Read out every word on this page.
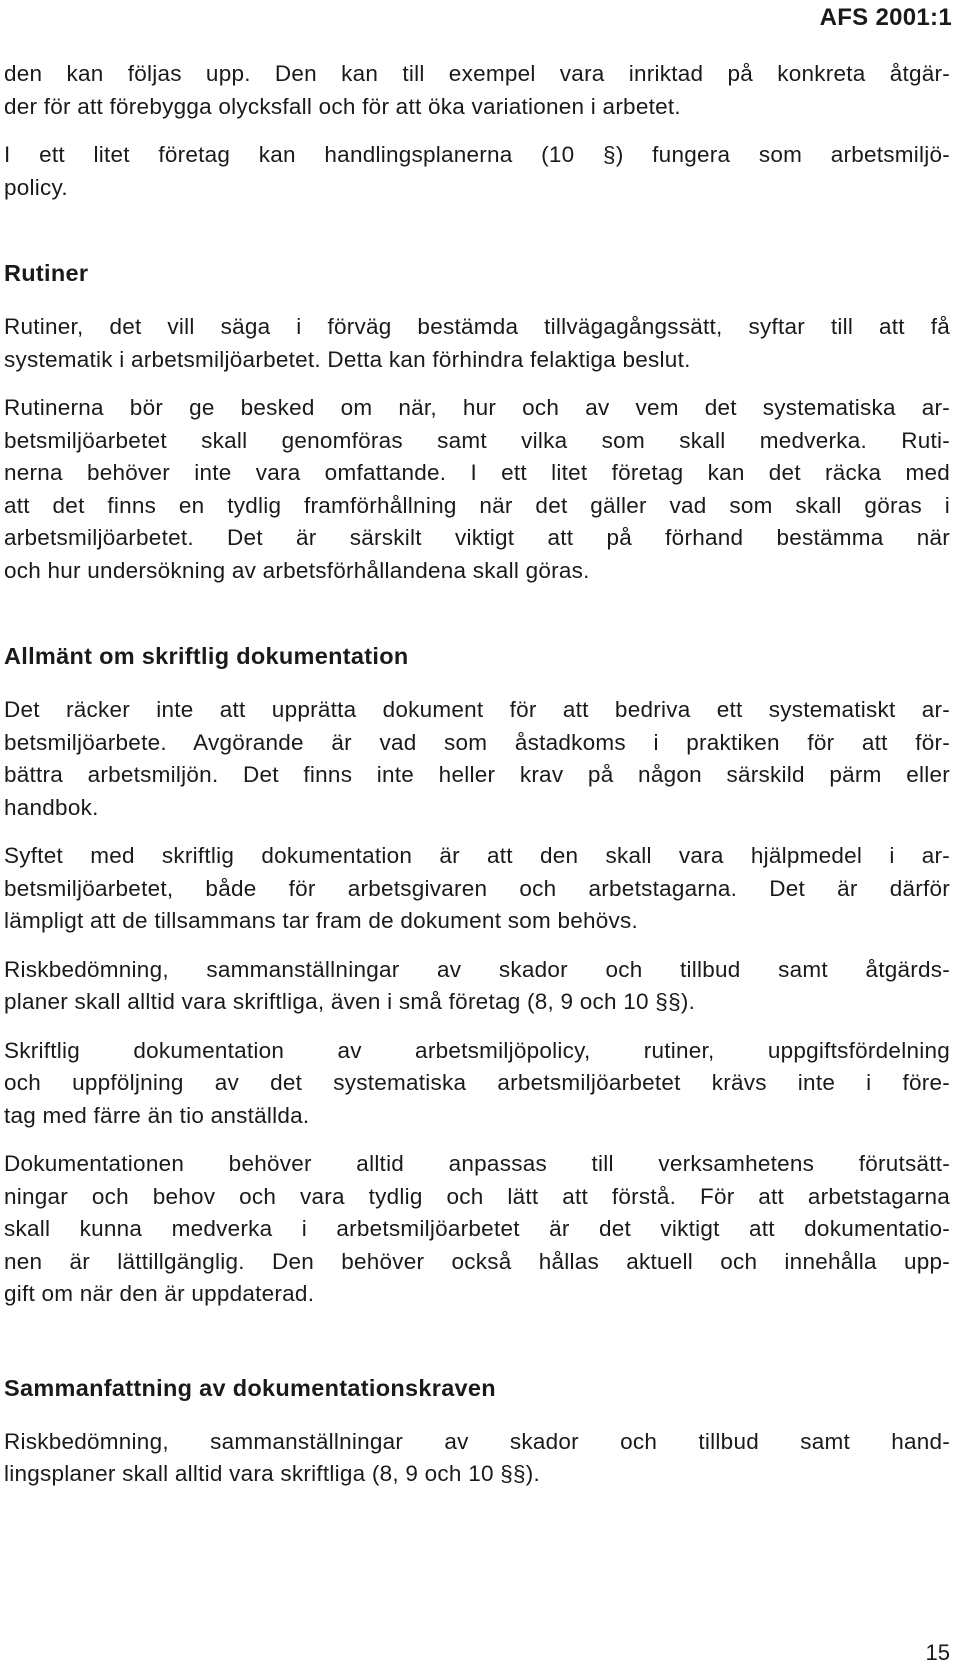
AFS 2001:1
den kan följas upp. Den kan till exempel vara inriktad på konkreta åtgär-
der för att förebygga olycksfall och för att öka variationen i arbetet.
I ett litet företag kan handlingsplanerna (10 §) fungera som arbetsmiljö-
policy.
Rutiner
Rutiner, det vill säga i förväg bestämda tillvägagångssätt, syftar till att få
systematik i arbetsmiljöarbetet. Detta kan förhindra felaktiga beslut.
Rutinerna bör ge besked om när, hur och av vem det systematiska ar-
betsmiljöarbetet skall genomföras samt vilka som skall medverka. Ruti-
nerna behöver inte vara omfattande. I ett litet företag kan det räcka med
att det finns en tydlig framförhållning när det gäller vad som skall göras i
arbetsmiljöarbetet. Det är särskilt viktigt att på förhand bestämma när
och hur undersökning av arbetsförhållandena skall göras.
Allmänt om skriftlig dokumentation
Det räcker inte att upprätta dokument för att bedriva ett systematiskt ar-
betsmiljöarbete. Avgörande är vad som åstadkoms i praktiken för att för-
bättra arbetsmiljön. Det finns inte heller krav på någon särskild pärm eller
handbok.
Syftet med skriftlig dokumentation är att den skall vara hjälpmedel i ar-
betsmiljöarbetet, både för arbetsgivaren och arbetstagarna. Det är därför
lämpligt att de tillsammans tar fram de dokument som behövs.
Riskbedömning, sammanställningar av skador och tillbud samt åtgärds-
planer skall alltid vara skriftliga, även i små företag (8, 9 och 10 §§).
Skriftlig dokumentation av arbetsmiljöpolicy, rutiner, uppgiftsfördelning
och uppföljning av det systematiska arbetsmiljöarbetet krävs inte i före-
tag med färre än tio anställda.
Dokumentationen behöver alltid anpassas till verksamhetens förutsätt-
ningar och behov och vara tydlig och lätt att förstå. För att arbetstagarna
skall kunna medverka i arbetsmiljöarbetet är det viktigt att dokumentatio-
nen är lättillgänglig. Den behöver också hållas aktuell och innehålla upp-
gift om när den är uppdaterad.
Sammanfattning av dokumentationskraven
Riskbedömning, sammanställningar av skador och tillbud samt hand-
lingsplaner skall alltid vara skriftliga (8, 9 och 10 §§).
15
